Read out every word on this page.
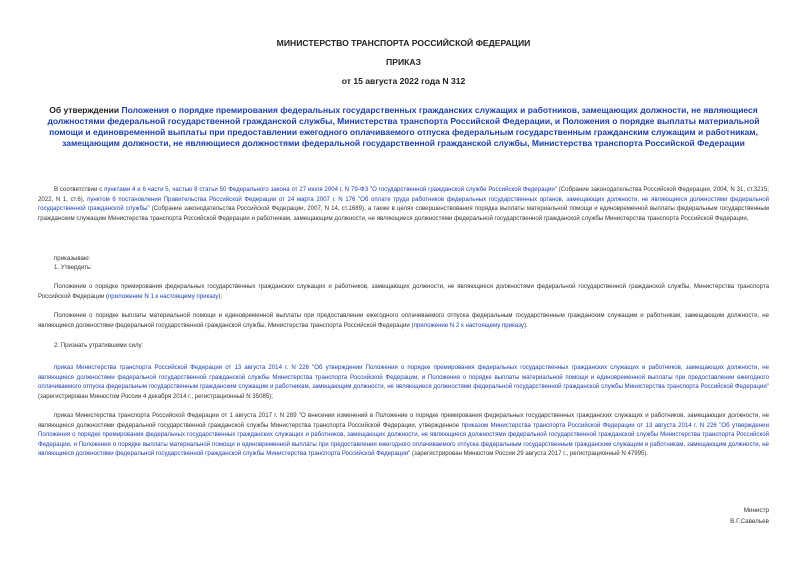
МИНИСТЕРСТВО ТРАНСПОРТА РОССИЙСКОЙ ФЕДЕРАЦИИ
ПРИКАЗ
от 15 августа 2022 года N 312
Об утверждении Положения о порядке премирования федеральных государственных гражданских служащих и работников, замещающих должности, не являющиеся должностями федеральной государственной гражданской службы, Министерства транспорта Российской Федерации, и Положения о порядке выплаты материальной помощи и единовременной выплаты при предоставлении ежегодного оплачиваемого отпуска федеральным государственным гражданским служащим и работникам, замещающим должности, не являющиеся должностями федеральной государственной гражданской службы, Министерства транспорта Российской Федерации
В соответствии с пунктами 4 и 6 части 5, частью 8 статьи 50 Федерального закона от 27 июля 2004 г. N 79-ФЗ "О государственной гражданской службе Российской Федерации" (Собрание законодательства Российской Федерации, 2004, N 31, ст.3215; 2022, N 1, ст.6), пунктом 6 постановления Правительства Российской Федерации от 24 марта 2007 г. N 176 "Об оплате труда работников федеральных государственных органов, замещающих должности, не являющиеся должностями федеральной государственной гражданской службы" (Собрание законодательства Российской Федерации, 2007, N 14, ст.1689), а также в целях совершенствования порядка выплаты материальной помощи и единовременной выплаты федеральным государственным гражданским служащим Министерства транспорта Российской Федерации и работникам, замещающим должности, не являющиеся должностями федеральной государственной гражданской службы Министерства транспорта Российской Федерации,
приказываю:
1. Утвердить:
Положение о порядке премирования федеральных государственных гражданских служащих и работников, замещающих должности, не являющиеся должностями федеральной государственной гражданской службы, Министерства транспорта Российской Федерации (приложение N 1 к настоящему приказу);
Положение о порядке выплаты материальной помощи и единовременной выплаты при предоставлении ежегодного оплачиваемого отпуска федеральным государственным гражданским служащим и работникам, замещающим должности, не являющиеся должностями федеральной государственной гражданской службы, Министерства транспорта Российской Федерации (приложение N 2 к настоящему приказу).
2. Признать утратившими силу:
приказ Министерства транспорта Российской Федерации от 13 августа 2014 г. N 226 "Об утверждении Положения о порядке премирования федеральных государственных гражданских служащих и работников, замещающих должности, не являющиеся должностями федеральной государственной гражданской службы Министерства транспорта Российской Федерации, и Положения о порядке выплаты материальной помощи и единовременной выплаты при предоставлении ежегодного оплачиваемого отпуска федеральным государственным гражданским служащим и работникам, замещающим должности, не являющиеся должностями федеральной государственной гражданской службы Министерства транспорта Российской Федерации" (зарегистрирован Минюстом России 4 декабря 2014 г., регистрационный N 35085);
приказ Министерства транспорта Российской Федерации от 1 августа 2017 г. N 289 "О внесении изменений в Положение о порядке премирования федеральных государственных гражданских служащих и работников, замещающих должности, не являющиеся должностями федеральной государственной гражданской службы Министерства транспорта Российской Федерации, утвержденное приказом Министерства транспорта Российской Федерации от 13 августа 2014 г. N 226 "Об утверждении Положения о порядке премирования федеральных государственных гражданских служащих и работников, замещающих должности, не являющиеся должностями федеральной государственной гражданской службы Министерства транспорта Российской Федерации, и Положения о порядке выплаты материальной помощи и единовременной выплаты при предоставлении ежегодного оплачиваемого отпуска федеральным государственным гражданским служащим и работникам, замещающим должности, не являющиеся должностями федеральной государственной гражданской службы Министерства транспорта Российской Федерации" (зарегистрирован Минюстом России 29 августа 2017 г., регистрационный N 47995).
Министр
В.Г.Савельев
